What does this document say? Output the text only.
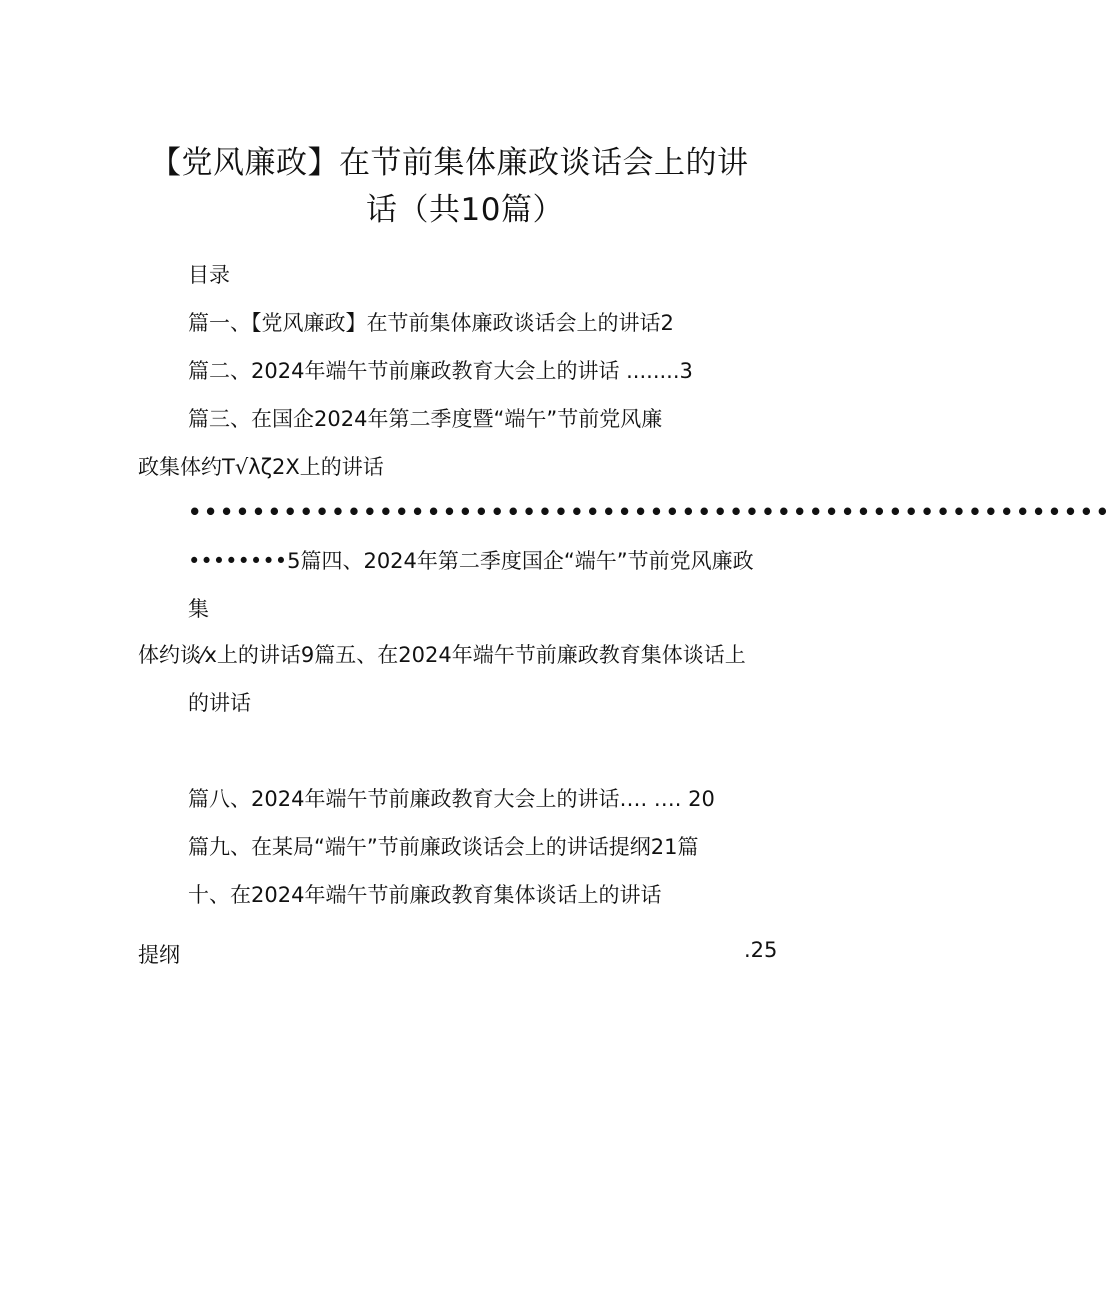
【党风廉政】在节前集体廉政谈话会上的讲
话（共10篇）
目录
篇一、【党风廉政】在节前集体廉政谈话会上的讲话2
篇二、2024年端午节前廉政教育大会上的讲话 ........3
篇三、在国企2024年第二季度暨“端午”节前党风廉
政集体约T√λζ2X上的讲话
••••••••••••••••••••••••••••••••••••••••••••••••••••••••••
••••••••5篇四、2024年第二季度国企“端午”节前党风廉政
集
体约谈⁄x上的讲话9篇五、在2024年端午节前廉政教育集体谈话上
的讲话
篇八、2024年端午节前廉政教育大会上的讲话…. …. 20
篇九、在某局“端午”节前廉政谈话会上的讲话提纲21篇
十、在2024年端午节前廉政教育集体谈话上的讲话
提纲	.25
